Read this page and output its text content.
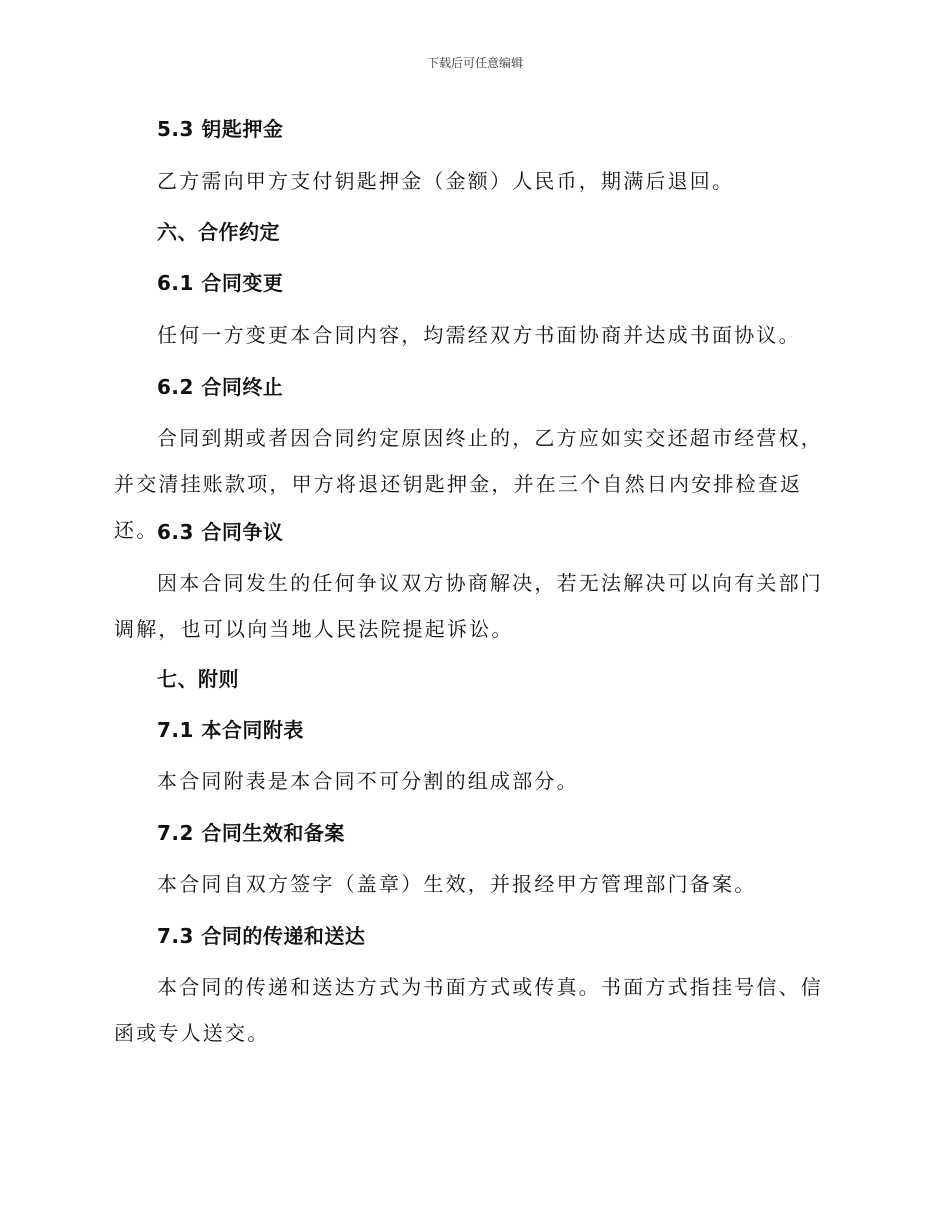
下载后可任意编辑
5.3 钥匙押金
乙方需向甲方支付钥匙押金（金额）人民币，期满后退回。
六、合作约定
6.1 合同变更
任何一方变更本合同内容，均需经双方书面协商并达成书面协议。
6.2 合同终止
合同到期或者因合同约定原因终止的，乙方应如实交还超市经营权，并交清挂账款项，甲方将退还钥匙押金，并在三个自然日内安排检查返还。
6.3 合同争议
因本合同发生的任何争议双方协商解决，若无法解决可以向有关部门调解，也可以向当地人民法院提起诉讼。
七、附则
7.1 本合同附表
本合同附表是本合同不可分割的组成部分。
7.2 合同生效和备案
本合同自双方签字（盖章）生效，并报经甲方管理部门备案。
7.3 合同的传递和送达
本合同的传递和送达方式为书面方式或传真。书面方式指挂号信、信函或专人送交。
